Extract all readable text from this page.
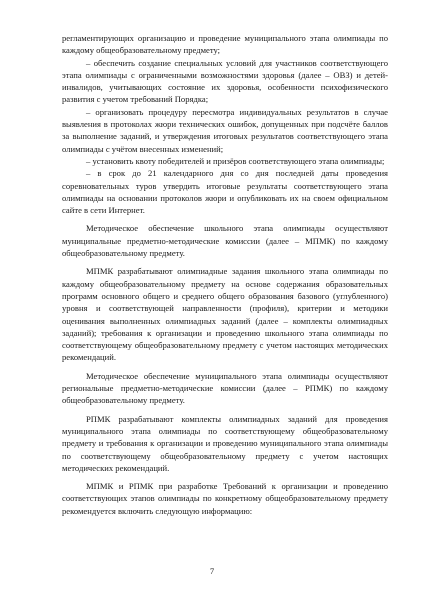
регламентирующих организацию и проведение муниципального этапа олимпиады по каждому общеобразовательному предмету;

– обеспечить создание специальных условий для участников соответствующего этапа олимпиады с ограниченными возможностями здоровья (далее – ОВЗ) и детей-инвалидов, учитывающих состояние их здоровья, особенности психофизического развития с учетом требований Порядка;

– организовать процедуру пересмотра индивидуальных результатов в случае выявления в протоколах жюри технических ошибок, допущенных при подсчёте баллов за выполнение заданий, и утверждения итоговых результатов соответствующего этапа олимпиады с учётом внесенных изменений;

– установить квоту победителей и призёров соответствующего этапа олимпиады;

– в срок до 21 календарного дня со дня последней даты проведения соревновательных туров утвердить итоговые результаты соответствующего этапа олимпиады на основании протоколов жюри и опубликовать их на своем официальном сайте в сети Интернет.

Методическое обеспечение школьного этапа олимпиады осуществляют муниципальные предметно-методические комиссии (далее – МПМК) по каждому общеобразовательному предмету.

МПМК разрабатывают олимпиадные задания школьного этапа олимпиады по каждому общеобразовательному предмету на основе содержания образовательных программ основного общего и среднего общего образования базового (углубленного) уровня и соответствующей направленности (профиля), критерии и методики оценивания выполненных олимпиадных заданий (далее – комплекты олимпиадных заданий); требования к организации и проведению школьного этапа олимпиады по соответствующему общеобразовательному предмету с учетом настоящих методических рекомендаций.

Методическое обеспечение муниципального этапа олимпиады осуществляют региональные предметно-методические комиссии (далее – РПМК) по каждому общеобразовательному предмету.

РПМК разрабатывают комплекты олимпиадных заданий для проведения муниципального этапа олимпиады по соответствующему общеобразовательному предмету и требования к организации и проведению муниципального этапа олимпиады по соответствующему общеобразовательному предмету с учетом настоящих методических рекомендаций.

МПМК и РПМК при разработке Требований к организации и проведению соответствующих этапов олимпиады по конкретному общеобразовательному предмету рекомендуется включить следующую информацию:

7
